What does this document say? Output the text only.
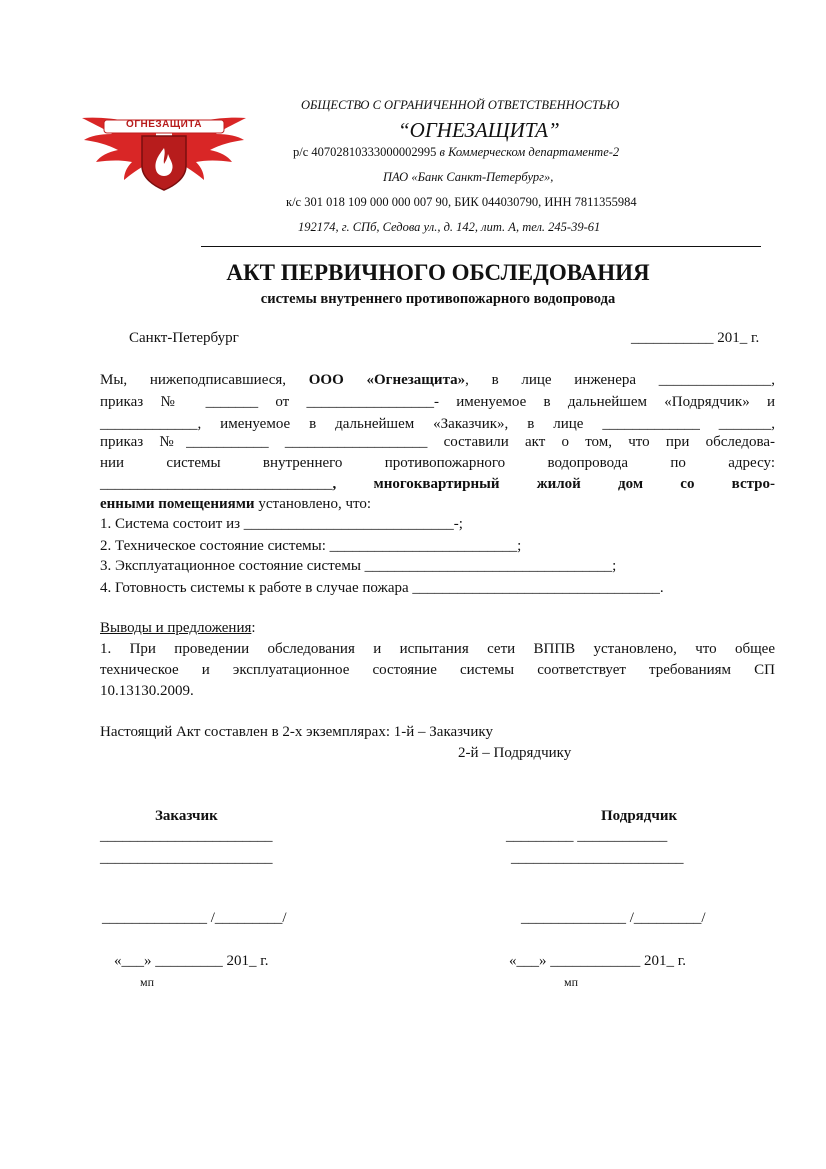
ОГНЕЗАЩИТА
ОБЩЕСТВО С ОГРАНИЧЕННОЙ ОТВЕТСТВЕННОСТЬЮ
“ОГНЕЗАЩИТА”
р/с 40702810333000002995 в Коммерческом департаменте-2
ПАО «Банк Санкт-Петербург»,
к/с 301 018 109 000 000 007 90, БИК 044030790, ИНН 7811355984
192174, г. СПб, Седова ул., д. 142, лит. А, тел. 245-39-61
АКТ ПЕРВИЧНОГО ОБСЛЕДОВАНИЯ
системы внутреннего противопожарного водопровода
Санкт-Петербург	___________ 201_ г.
Мы, нижеподписавшиеся, ООО «Огнезащита», в лице инженера _______________,
приказ № _______ от _________________- именуемое в дальнейшем «Подрядчик» и
_____________, именуемое в дальнейшем «Заказчик», в лице _____________ _______,
приказ №___________ ___________________ составили акт о том, что при обследова-
нии системы внутреннего противопожарного водопровода по адресу:
_______________________________, многоквартирный жилой дом со встро-
енными помещениями установлено, что:
1. Система состоит из ____________________________-;
2. Техническое состояние системы: _________________________;
3. Эксплуатационное состояние системы _________________________________;
4. Готовность системы к работе в случае пожара _________________________________.
Выводы и предложения:
1. При проведении обследования и испытания сети ВППВ установлено, что общее
техническое и эксплуатационное состояние системы соответствует требованиям СП
10.13130.2009.
Настоящий Акт составлен в 2-х экземплярах: 1-й – Заказчику
2-й – Подрядчику
Заказчик	Подрядчик
_______________________
_______________________
_________ ____________
_______________________
______________ /_________/	______________ /_________/
«___» _________ 201_ г.	«___» ____________ 201_ г.
мп	мп
